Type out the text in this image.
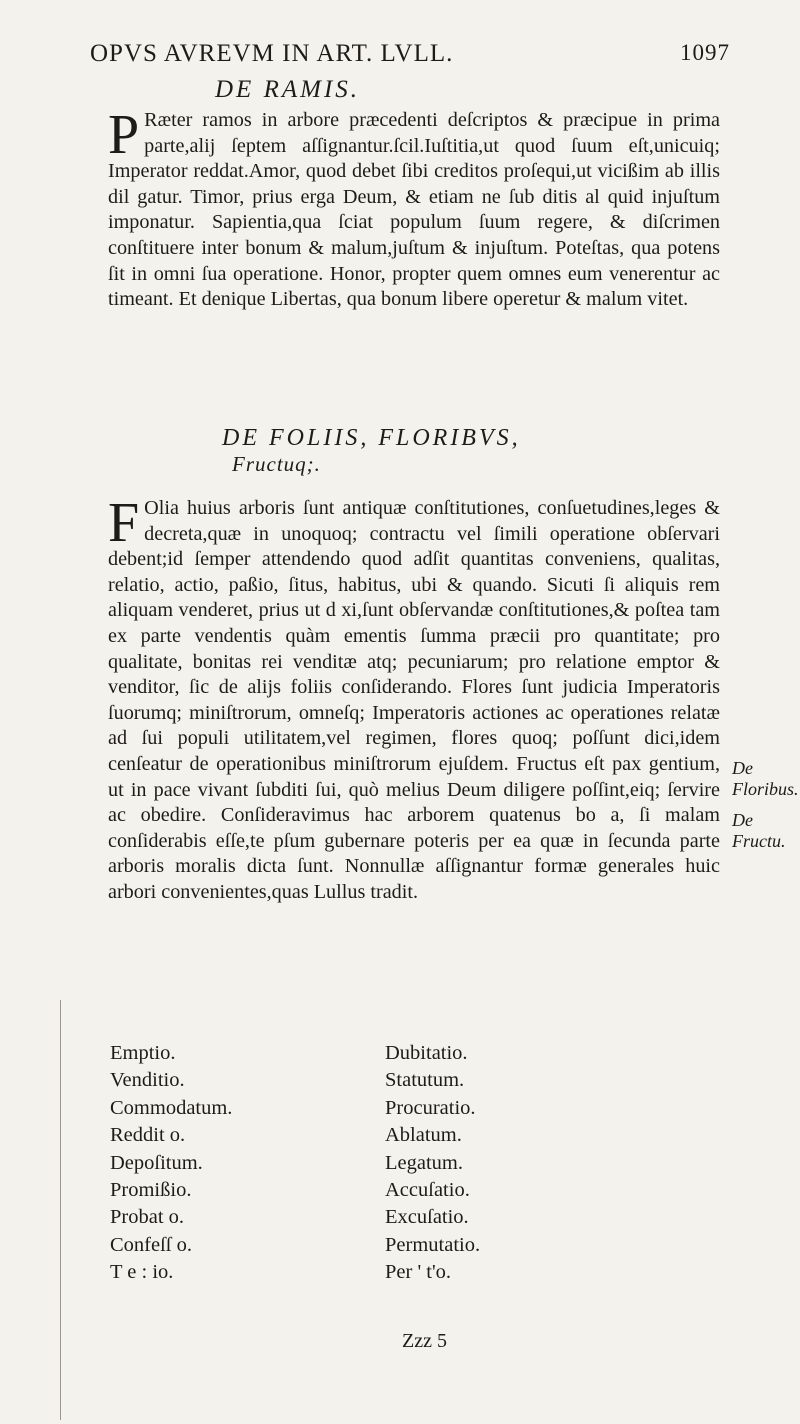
OPVS AVREVM IN ART. LVLL.	1097
DE RAMIS.

P Ræter ramos in arbore præcedenti deſcriptos & præcipue in prima parte,alij ſeptem aſſignantur.ſcil.Iuſtitia,ut quod ſuum eſt,unicuiq; Imperator reddat.Amor, quod debet ſibi creditos proſequi,ut vicißim ab illis dil gatur. Timor, prius erga Deum, & etiam ne ſub ditis al quid injuſtum imponatur. Sapientia,qua ſciat populum ſuum regere, & diſcrimen conſtituere inter bonum & malum,juſtum & injuſtum. Poteſtas, qua potens ſit in omni ſua operatione. Honor, propter quem omnes eum venerentur ac timeant. Et denique Libertas, qua bonum libere operetur & malum vitet.

DE FOLIIS, FLORIBVS,
Fructuq;.

F Olia huius arboris ſunt antiquæ conſtitutiones, conſuetudines,leges & decreta,quæ in unoquoq; contractu vel ſimili operatione obſervari debent;id ſemper attendendo quod adſit quantitas conveniens, qualitas, relatio, actio, paßio, ſitus, habitus, ubi & quando. Sicuti ſi aliquis rem aliquam venderet, prius ut d xi,ſunt obſervandæ conſtitutiones,& poſtea tam ex parte vendentis quàm ementis ſumma præcii pro quantitate; pro qualitate, bonitas rei venditæ atq; pecuniarum; pro relatione emptor & venditor, ſic de alijs foliis conſiderando. Flores ſunt judicia Imperatoris ſuorumq; miniſtrorum, omneſq; Imperatoris actiones ac operationes relatæ ad ſui populi utilitatem,vel regimen, flores quoq; poſſunt dici,idem cenſeatur de operationibus miniſtrorum ejuſdem. Fructus eſt pax gentium, ut in pace vivant ſubditi ſui, quò melius Deum diligere poſſint,eiq; ſervire ac obedire. Conſideravimus hac arborem quatenus bo a, ſi malam conſiderabis eſſe,te pſum gubernare poteris per ea quæ in ſecunda parte arboris moralis dicta ſunt. Nonnullæ aſſignantur formæ generales huic arbori convenientes,quas Lullus tradit.

De Floribus.
De Fructu.
Emptio.
Venditio.
Commodatum.
Reddit o.
Depoſitum.
Promißio.
Probat o.
Confeſſ o.
T e : io.
Dubitatio.
Statutum.
Procuratio.
Ablatum.
Legatum.
Accuſatio.
Excuſatio.
Permutatio.
Per ' t'o.
Zzz 5
